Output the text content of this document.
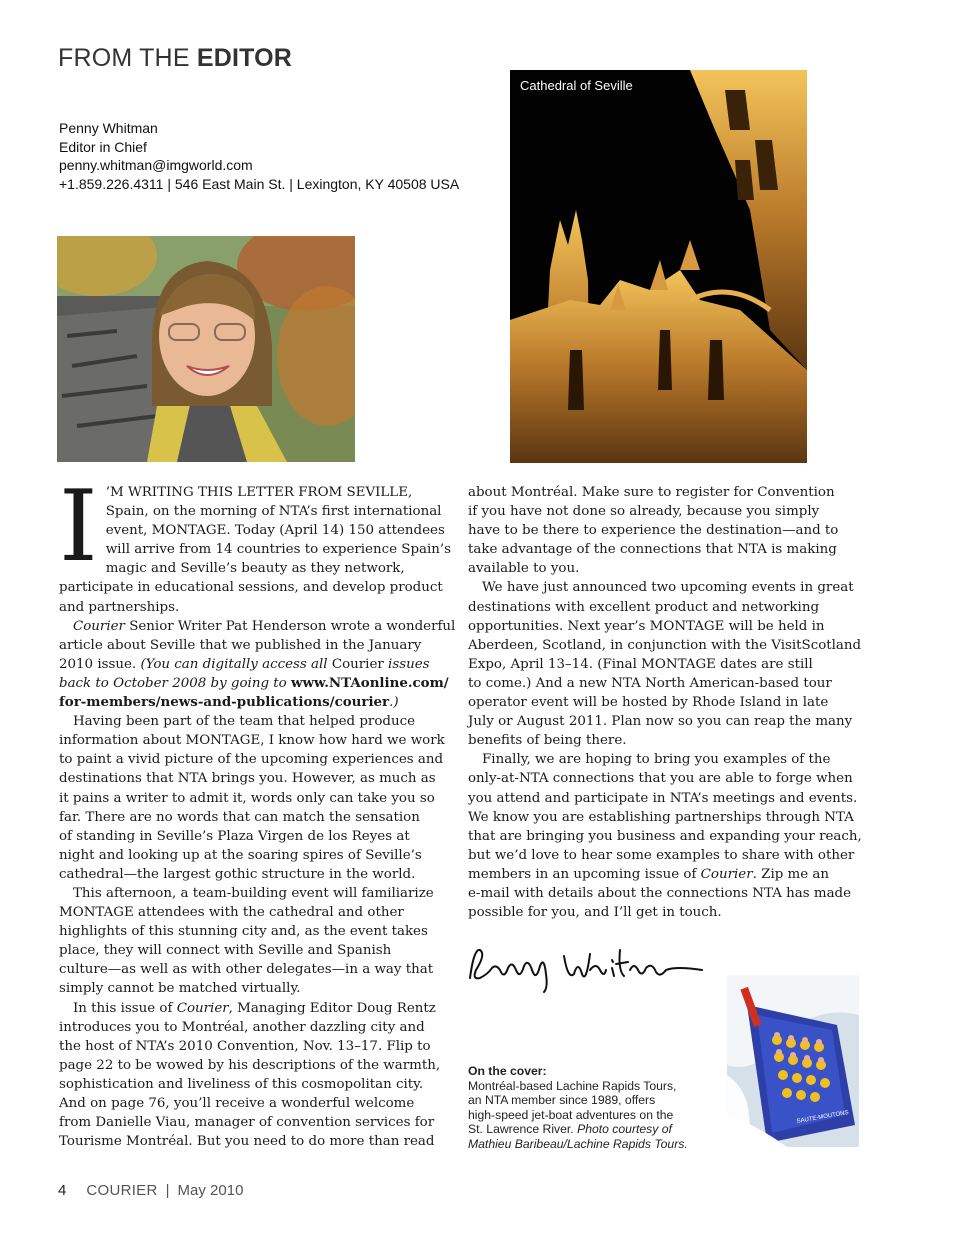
FROM THE EDITOR
Penny Whitman
Editor in Chief
penny.whitman@imgworld.com
+1.859.226.4311 | 546 East Main St. | Lexington, KY 40508 USA
Cathedral of Seville

I ’M WRITING THIS LETTER FROM SEVILLE,
Spain, on the morning of NTA’s first international
event, MONTAGE. Today (April 14) 150 attendees
will arrive from 14 countries to experience Spain’s
magic and Seville’s beauty as they network,
participate in educational sessions, and develop product
and partnerships.

Courier Senior Writer Pat Henderson wrote a wonderful
article about Seville that we published in the January
2010 issue. (You can digitally access all Courier issues
back to October 2008 by going to www.NTAonline.com/
for-members/news-and-publications/courier.)

Having been part of the team that helped produce
information about MONTAGE, I know how hard we work
to paint a vivid picture of the upcoming experiences and
destinations that NTA brings you. However, as much as
it pains a writer to admit it, words only can take you so
far. There are no words that can match the sensation
of standing in Seville’s Plaza Virgen de los Reyes at
night and looking up at the soaring spires of Seville’s
cathedral—the largest gothic structure in the world.

This afternoon, a team-building event will familiarize
MONTAGE attendees with the cathedral and other
highlights of this stunning city and, as the event takes
place, they will connect with Seville and Spanish
culture—as well as with other delegates—in a way that
simply cannot be matched virtually.

In this issue of Courier, Managing Editor Doug Rentz
introduces you to Montréal, another dazzling city and
the host of NTA’s 2010 Convention, Nov. 13–17. Flip to
page 22 to be wowed by his descriptions of the warmth,
sophistication and liveliness of this cosmopolitan city.
And on page 76, you’ll receive a wonderful welcome
from Danielle Viau, manager of convention services for
Tourisme Montréal. But you need to do more than read

about Montréal. Make sure to register for Convention
if you have not done so already, because you simply
have to be there to experience the destination—and to
take advantage of the connections that NTA is making
available to you.

We have just announced two upcoming events in great
destinations with excellent product and networking
opportunities. Next year’s MONTAGE will be held in
Aberdeen, Scotland, in conjunction with the VisitScotland
Expo, April 13–14. (Final MONTAGE dates are still
to come.) And a new NTA North American-based tour
operator event will be hosted by Rhode Island in late
July or August 2011. Plan now so you can reap the many
benefits of being there.

Finally, we are hoping to bring you examples of the
only-at-NTA connections that you are able to forge when
you attend and participate in NTA’s meetings and events.
We know you are establishing partnerships through NTA
that are bringing you business and expanding your reach,
but we’d love to hear some examples to share with other
members in an upcoming issue of Courier. Zip me an
e-mail with details about the connections NTA has made
possible for you, and I’ll get in touch.

On the cover:
Montréal-based Lachine Rapids Tours,
an NTA member since 1989, offers
high-speed jet-boat adventures on the
St. Lawrence River. Photo courtesy of
Mathieu Baribeau/Lachine Rapids Tours.
SAUTE-MOUTONS
4 COURIER | May 2010
